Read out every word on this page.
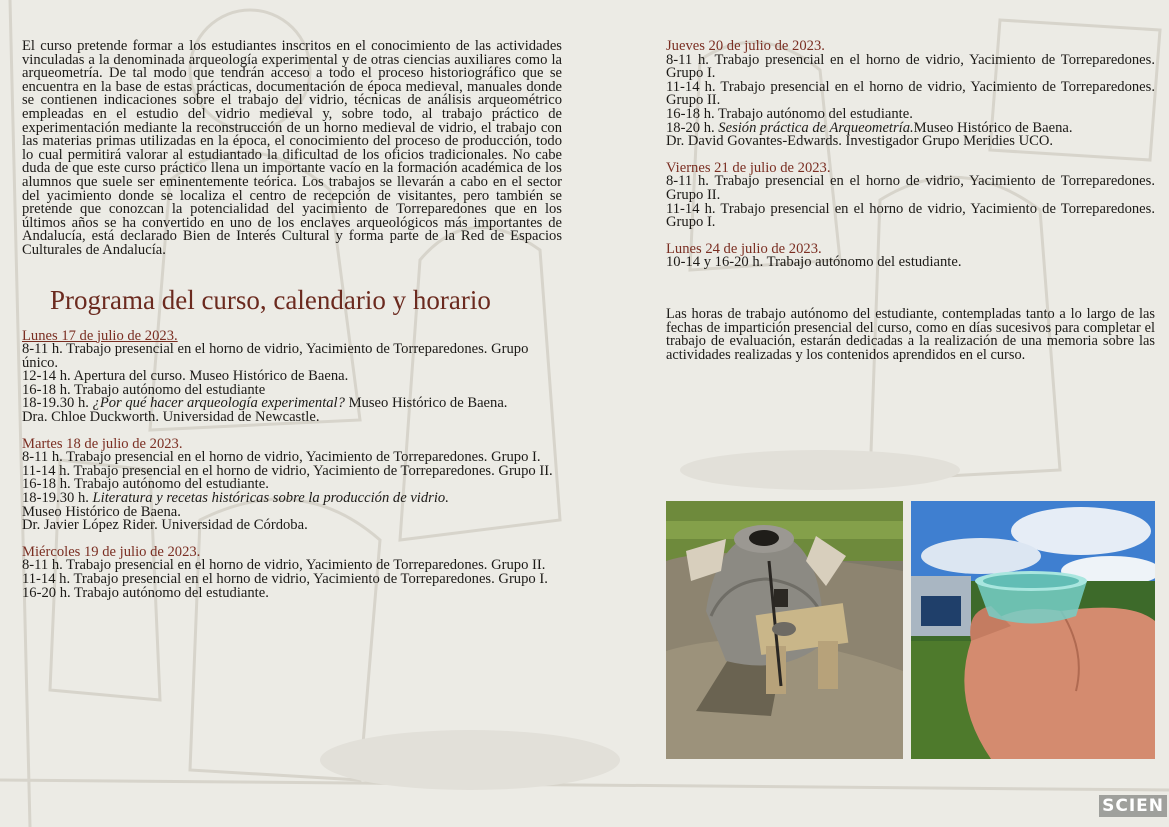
El curso pretende formar a los estudiantes inscritos en el conocimiento de las actividades vinculadas a la denominada arqueología experimental y de otras ciencias auxiliares como la arqueometría. De tal modo que tendrán acceso a todo el proceso historiográfico que se encuentra en la base de estas prácticas, documentación de época medieval, manuales donde se contienen indicaciones sobre el trabajo del vidrio, técnicas de análisis arqueométrico empleadas en el estudio del vidrio medieval y, sobre todo, al trabajo práctico de experimentación mediante la reconstrucción de un horno medieval de vidrio, el trabajo con las materias primas utilizadas en la época, el conocimiento del proceso de producción, todo lo cual permitirá valorar al estudiantado la dificultad de los oficios tradicionales. No cabe duda de que este curso práctico llena un importante vacío en la formación académica de los alumnos que suele ser eminentemente teórica. Los trabajos se llevarán a cabo en el sector del yacimiento donde se localiza el centro de recepción de visitantes, pero también se pretende que conozcan la potencialidad del yacimiento de Torreparedones que en los últimos años se ha convertido en uno de los enclaves arqueológicos más importantes de Andalucía, está declarado Bien de Interés Cultural y forma parte de la Red de Espacios Culturales de Andalucía.

Programa del curso, calendario y horario
Lunes 17 de julio de 2023.
8-11 h. Trabajo presencial en el horno de vidrio, Yacimiento de Torreparedones. Grupo único.
12-14 h. Apertura del curso. Museo Histórico de Baena.
16-18 h. Trabajo autónomo del estudiante
18-19.30 h. ¿Por qué hacer arqueología experimental? Museo Histórico de Baena.
Dra. Chloe Duckworth. Universidad de Newcastle.
Martes 18 de julio de 2023.
8-11 h. Trabajo presencial en el horno de vidrio, Yacimiento de Torreparedones. Grupo I.
11-14 h. Trabajo presencial en el horno de vidrio, Yacimiento de Torreparedones. Grupo II.
16-18 h. Trabajo autónomo del estudiante.
18-19.30 h. Literatura y recetas históricas sobre la producción de vidrio.
Museo Histórico de Baena.
Dr. Javier López Rider. Universidad de Córdoba.
Miércoles 19 de julio de 2023.
8-11 h. Trabajo presencial en el horno de vidrio, Yacimiento de Torreparedones. Grupo II.
11-14 h. Trabajo presencial en el horno de vidrio, Yacimiento de Torreparedones. Grupo I.
16-20 h. Trabajo autónomo del estudiante.
Jueves 20 de julio de 2023.
8-11 h. Trabajo presencial en el horno de vidrio, Yacimiento de Torreparedones. Grupo I.
11-14 h. Trabajo presencial en el horno de vidrio, Yacimiento de Torreparedones. Grupo II.
16-18 h. Trabajo autónomo del estudiante.
18-20 h. Sesión práctica de Arqueometría.Museo Histórico de Baena.
Dr. David Govantes-Edwards. Investigador Grupo Meridies UCO.
Viernes 21 de julio de 2023.
8-11 h. Trabajo presencial en el horno de vidrio, Yacimiento de Torreparedones. Grupo II.
11-14 h. Trabajo presencial en el horno de vidrio, Yacimiento de Torreparedones. Grupo I.
Lunes 24 de julio de 2023.
10-14 y 16-20 h. Trabajo autónomo del estudiante.

Las horas de trabajo autónomo del estudiante, contempladas tanto a lo largo de las fechas de impartición presencial del curso, como en días sucesivos para completar el trabajo de evaluación, estarán dedicadas a la realización de una memoria sobre las actividades realizadas y los contenidos aprendidos en el curso.

SCIEN
